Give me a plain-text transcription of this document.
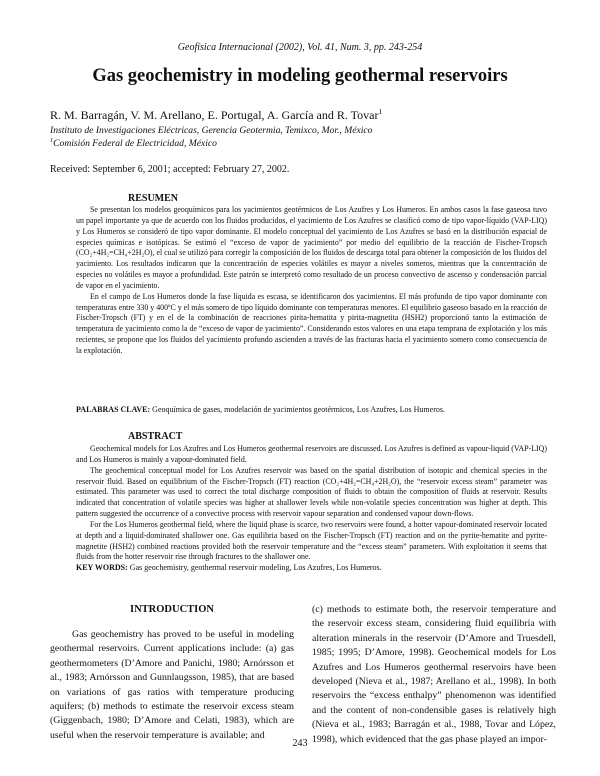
Geofísica Internacional (2002), Vol. 41, Num. 3, pp. 243-254
Gas geochemistry in modeling geothermal reservoirs
R. M. Barragán, V. M. Arellano, E. Portugal, A. García and R. Tovar$^1$
Instituto de Investigaciones Eléctricas, Gerencia Geotermia, Temixco, Mor., México
$^1$Comisión Federal de Electricidad, México
Received: September 6, 2001; accepted: February 27, 2002.
RESUMEN

Se presentan los modelos geoquímicos para los yacimientos geotérmicos de Los Azufres y Los Humeros. En ambos casos la fase gaseosa tuvo un papel importante ya que de acuerdo con los fluidos producidos, el yacimiento de Los Azufres se clasificó como de tipo vapor-líquido (VAP-LIQ) y Los Humeros se consideró de tipo vapor dominante. El modelo conceptual del yacimiento de Los Azufres se basó en la distribución espacial de especies químicas e isotópicas. Se estimó el “exceso de vapor de yacimiento” por medio del equilibrio de la reacción de Fischer-Tropsch (CO₂+4H₂=CH₄+2H₂O), el cual se utilizó para corregir la composición de los fluidos de descarga total para obtener la composición de los fluidos del yacimiento. Los resultados indicaron que la concentración de especies volátiles es mayor a niveles someros, mientras que la concentración de especies no volátiles es mayor a profundidad. Este patrón se interpretó como resultado de un proceso convectivo de ascenso y condensación parcial de vapor en el yacimiento.

En el campo de Los Humeros donde la fase líquida es escasa, se identificaron dos yacimientos. El más profundo de tipo vapor dominante con temperaturas entre 330 y 400ºC y el más somero de tipo líquido dominante con temperaturas menores. El equilibrio gaseoso basado en la reacción de Fischer-Tropsch (FT) y en el de la combinación de reacciones pirita-hematita y pirita-magnetita (HSH2) proporcionó tanto la estimación de temperatura de yacimiento como la de “exceso de vapor de yacimiento”. Considerando estos valores en una etapa temprana de explotación y los más recientes, se propone que los fluidos del yacimiento profundo ascienden a través de las fracturas hacia el yacimiento somero como consecuencia de la explotación.

PALABRAS CLAVE: Geoquímica de gases, modelación de yacimientos geotérmicos, Los Azufres, Los Humeros.
ABSTRACT

Geochemical models for Los Azufres and Los Humeros geothermal reservoirs are discussed. Los Azufres is defined as vapour-liquid (VAP-LIQ) and Los Humeros is mainly a vapour-dominated field.

The geochemical conceptual model for Los Azufres reservoir was based on the spatial distribution of isotopic and chemical species in the reservoir fluid. Based on equilibrium of the Fischer-Tropsch (FT) reaction (CO₂+4H₂=CH₄+2H₂O), the “reservoir excess steam” parameter was estimated. This parameter was used to correct the total discharge composition of fluids to obtain the composition of fluids at reservoir. Results indicated that concentration of volatile species was higher at shallower levels while non-volatile species concentration was higher at depth. This pattern suggested the occurrence of a convective process with reservoir vapour separation and condensed vapour down-flows.

For the Los Humeros geothermal field, where the liquid phase is scarce, two reservoirs were found, a hotter vapour-dominated reservoir located at depth and a liquid-dominated shallower one. Gas equilibria based on the Fischer-Tropsch (FT) reaction and on the pyrite-hematite and pyrite-magnetite (HSH2) combined reactions provided both the reservoir temperature and the “excess steam” parameters. With exploitation it seems that fluids from the hotter reservoir rise through fractures to the shallower one.

KEY WORDS: Gas geochemistry, geothermal reservoir modeling, Los Azufres, Los Humeros.
INTRODUCTION

Gas geochemistry has proved to be useful in modeling geothermal reservoirs. Current applications include: (a) gas geothermometers (D’Amore and Panichi, 1980; Arnórsson et al., 1983; Arnórsson and Gunnlaugsson, 1985), that are based on variations of gas ratios with temperature producing aquifers; (b) methods to estimate the reservoir excess steam (Giggenbach, 1980; D’Amore and Celati, 1983), which are useful when the reservoir temperature is available; and

(c) methods to estimate both, the reservoir temperature and the reservoir excess steam, considering fluid equilibria with alteration minerals in the reservoir (D’Amore and Truesdell, 1985; 1995; D’Amore, 1998). Geochemical models for Los Azufres and Los Humeros geothermal reservoirs have been developed (Nieva et al., 1987; Arellano et al., 1998). In both reservoirs the “excess enthalpy” phenomenon was identified and the content of non-condensible gases is relatively high (Nieva et al., 1983; Barragán et al., 1988, Tovar and López, 1998), which evidenced that the gas phase played an impor-

243
